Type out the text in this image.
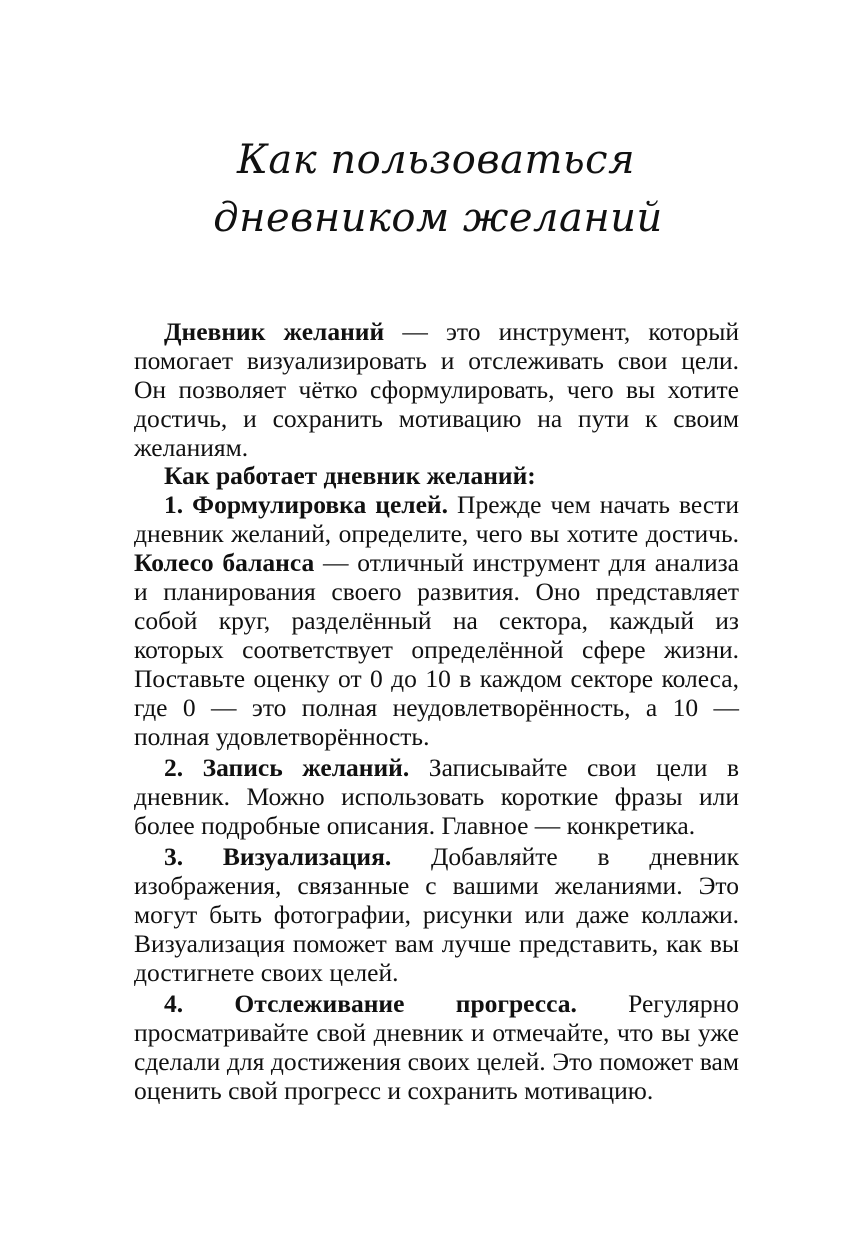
Как пользоваться
дневником желаний

Дневник желаний — это инструмент, который помогает визуализировать и отслеживать свои цели. Он позволяет чётко сформулировать, чего вы хотите достичь, и сохранить мотивацию на пути к своим желаниям.

Как работает дневник желаний:

1. Формулировка целей. Прежде чем начать вести дневник желаний, определите, чего вы хотите достичь. Колесо баланса — отличный инструмент для анализа и планирования своего развития. Оно представляет собой круг, разделённый на сектора, каждый из которых соответствует определённой сфере жизни. Поставьте оценку от 0 до 10 в каждом секторе колеса, где 0 — это полная неудовлетворённость, а 10 — полная удовлетворённость.

2. Запись желаний. Записывайте свои цели в дневник. Можно использовать короткие фразы или более подробные описания. Главное — конкретика.

3. Визуализация. Добавляйте в дневник изображения, связанные с вашими желаниями. Это могут быть фотографии, рисунки или даже коллажи. Визуализация поможет вам лучше представить, как вы достигнете своих целей.

4. Отслеживание прогресса. Регулярно просматривайте свой дневник и отмечайте, что вы уже сделали для достижения своих целей. Это поможет вам оценить свой прогресс и сохранить мотивацию.
